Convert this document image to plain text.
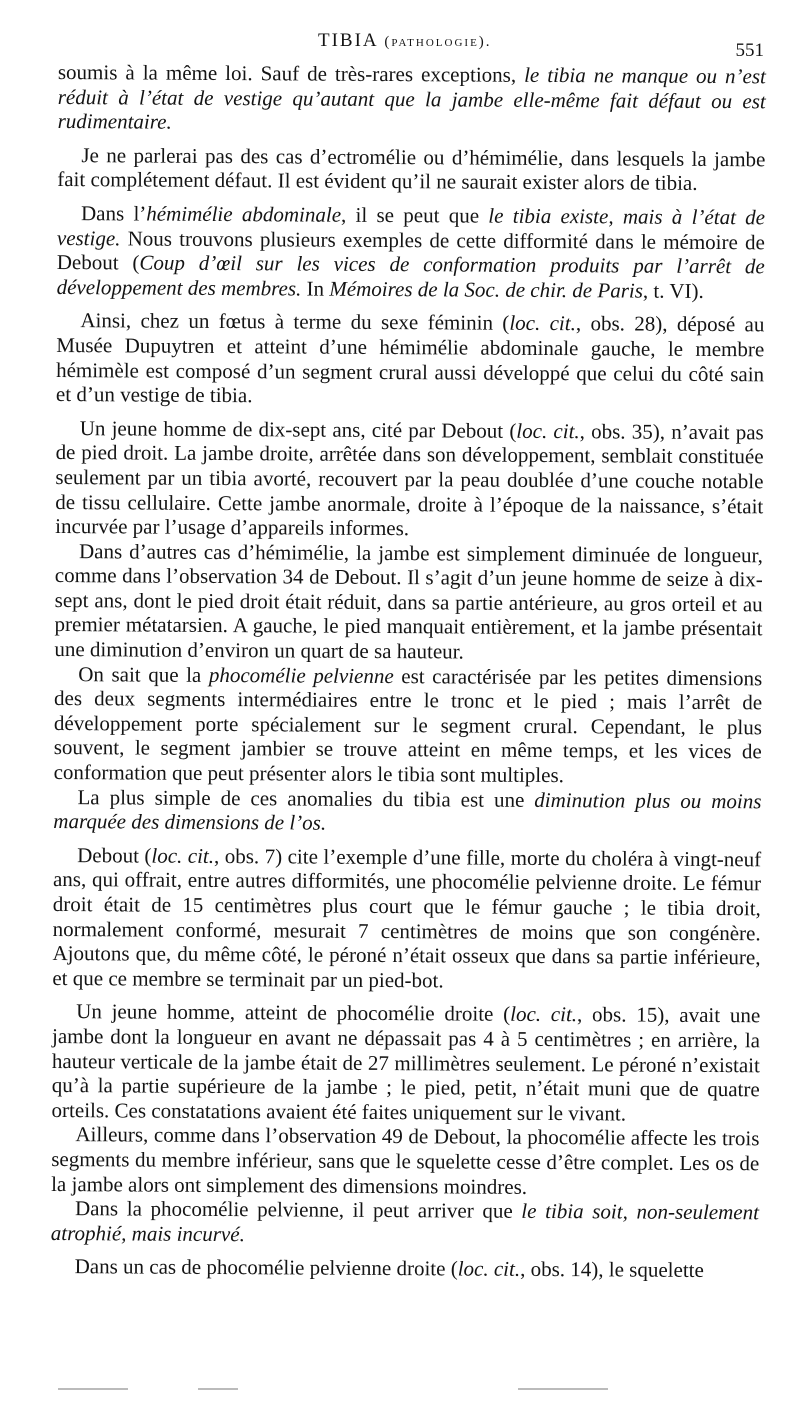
TIBIA (pathologie).	551

soumis à la même loi. Sauf de très-rares exceptions, le tibia ne manque ou n’est réduit à l’état de vestige qu’autant que la jambe elle-même fait défaut ou est rudimentaire.

Je ne parlerai pas des cas d’ectromélie ou d’hémimélie, dans lesquels la jambe fait complétement défaut. Il est évident qu’il ne saurait exister alors de tibia.

Dans l’hémimélie abdominale, il se peut que le tibia existe, mais à l’état de vestige. Nous trouvons plusieurs exemples de cette difformité dans le mémoire de Debout (Coup d’œil sur les vices de conformation produits par l’arrêt de développement des membres. In Mémoires de la Soc. de chir. de Paris, t. VI).

Ainsi, chez un fœtus à terme du sexe féminin (loc. cit., obs. 28), déposé au Musée Dupuytren et atteint d’une hémimélie abdominale gauche, le membre hémimèle est composé d’un segment crural aussi développé que celui du côté sain et d’un vestige de tibia.

Un jeune homme de dix-sept ans, cité par Debout (loc. cit., obs. 35), n’avait pas de pied droit. La jambe droite, arrêtée dans son développement, semblait constituée seulement par un tibia avorté, recouvert par la peau doublée d’une couche notable de tissu cellulaire. Cette jambe anormale, droite à l’époque de la naissance, s’était incurvée par l’usage d’appareils informes.

Dans d’autres cas d’hémimélie, la jambe est simplement diminuée de longueur, comme dans l’observation 34 de Debout. Il s’agit d’un jeune homme de seize à dix-sept ans, dont le pied droit était réduit, dans sa partie antérieure, au gros orteil et au premier métatarsien. A gauche, le pied manquait entièrement, et la jambe présentait une diminution d’environ un quart de sa hauteur.

On sait que la phocomélie pelvienne est caractérisée par les petites dimensions des deux segments intermédiaires entre le tronc et le pied ; mais l’arrêt de développement porte spécialement sur le segment crural. Cependant, le plus souvent, le segment jambier se trouve atteint en même temps, et les vices de conformation que peut présenter alors le tibia sont multiples.

La plus simple de ces anomalies du tibia est une diminution plus ou moins marquée des dimensions de l’os.

Debout (loc. cit., obs. 7) cite l’exemple d’une fille, morte du choléra à vingt-neuf ans, qui offrait, entre autres difformités, une phocomélie pelvienne droite. Le fémur droit était de 15 centimètres plus court que le fémur gauche ; le tibia droit, normalement conformé, mesurait 7 centimètres de moins que son congénère. Ajoutons que, du même côté, le péroné n’était osseux que dans sa partie inférieure, et que ce membre se terminait par un pied-bot.

Un jeune homme, atteint de phocomélie droite (loc. cit., obs. 15), avait une jambe dont la longueur en avant ne dépassait pas 4 à 5 centimètres ; en arrière, la hauteur verticale de la jambe était de 27 millimètres seulement. Le péroné n’existait qu’à la partie supérieure de la jambe ; le pied, petit, n’était muni que de quatre orteils. Ces constatations avaient été faites uniquement sur le vivant.

Ailleurs, comme dans l’observation 49 de Debout, la phocomélie affecte les trois segments du membre inférieur, sans que le squelette cesse d’être complet. Les os de la jambe alors ont simplement des dimensions moindres.

Dans la phocomélie pelvienne, il peut arriver que le tibia soit, non-seulement atrophié, mais incurvé.

Dans un cas de phocomélie pelvienne droite (loc. cit., obs. 14), le squelette
